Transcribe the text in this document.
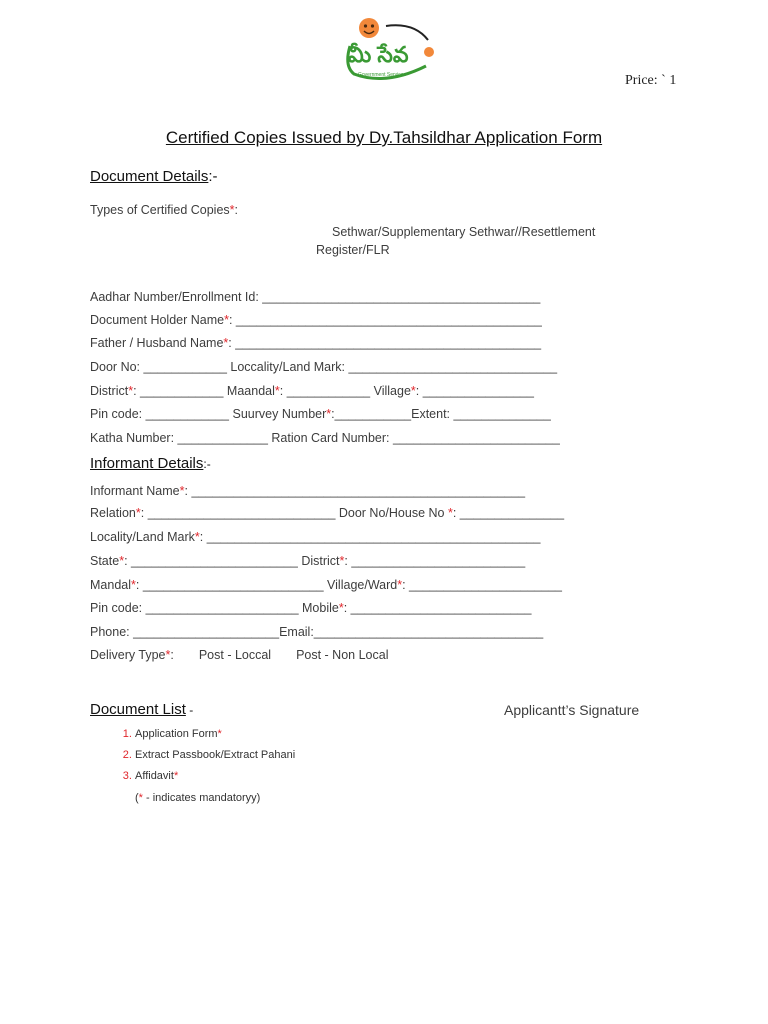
మీ సేవ
Government Services	Price: ` 1
Certified Copies Issued by Dy.Tahsildhar Application Form
Document Details:-
Types of Certified Copies*:
Sethwar/Supplementary Sethwar//Resettlement Register/FLR
Aadhar Number/Enrollment Id: ________________________________________
Document Holder Name*: ____________________________________________
Father / Husband Name*: ____________________________________________
Door No: ____________ Loccality/Land Mark: ______________________________
District*: ____________ Maandal*: ____________ Village*: ________________
Pin code: ____________ Suurvey Number*:___________Extent: ______________
Katha Number: _____________ Ration Card Number: ________________________
Informant Details:-
Informant Name*: ________________________________________________
Relation*: ___________________________ Door No/House No *: _______________
Locality/Land Mark*: ________________________________________________
State*: ________________________ District*: _________________________
Mandal*: __________________________ Village/Ward*: ______________________
Pin code: ______________________ Mobile*: __________________________
Phone: _____________________Email:_________________________________
Delivery Type*: Post - Loccal Post - Non Local
Document List -	Applicantt’s Signature
1. Application Form*
2. Extract Passbook/Extract Pahani
3. Affidavit*
(* - indicates mandatoryy)
